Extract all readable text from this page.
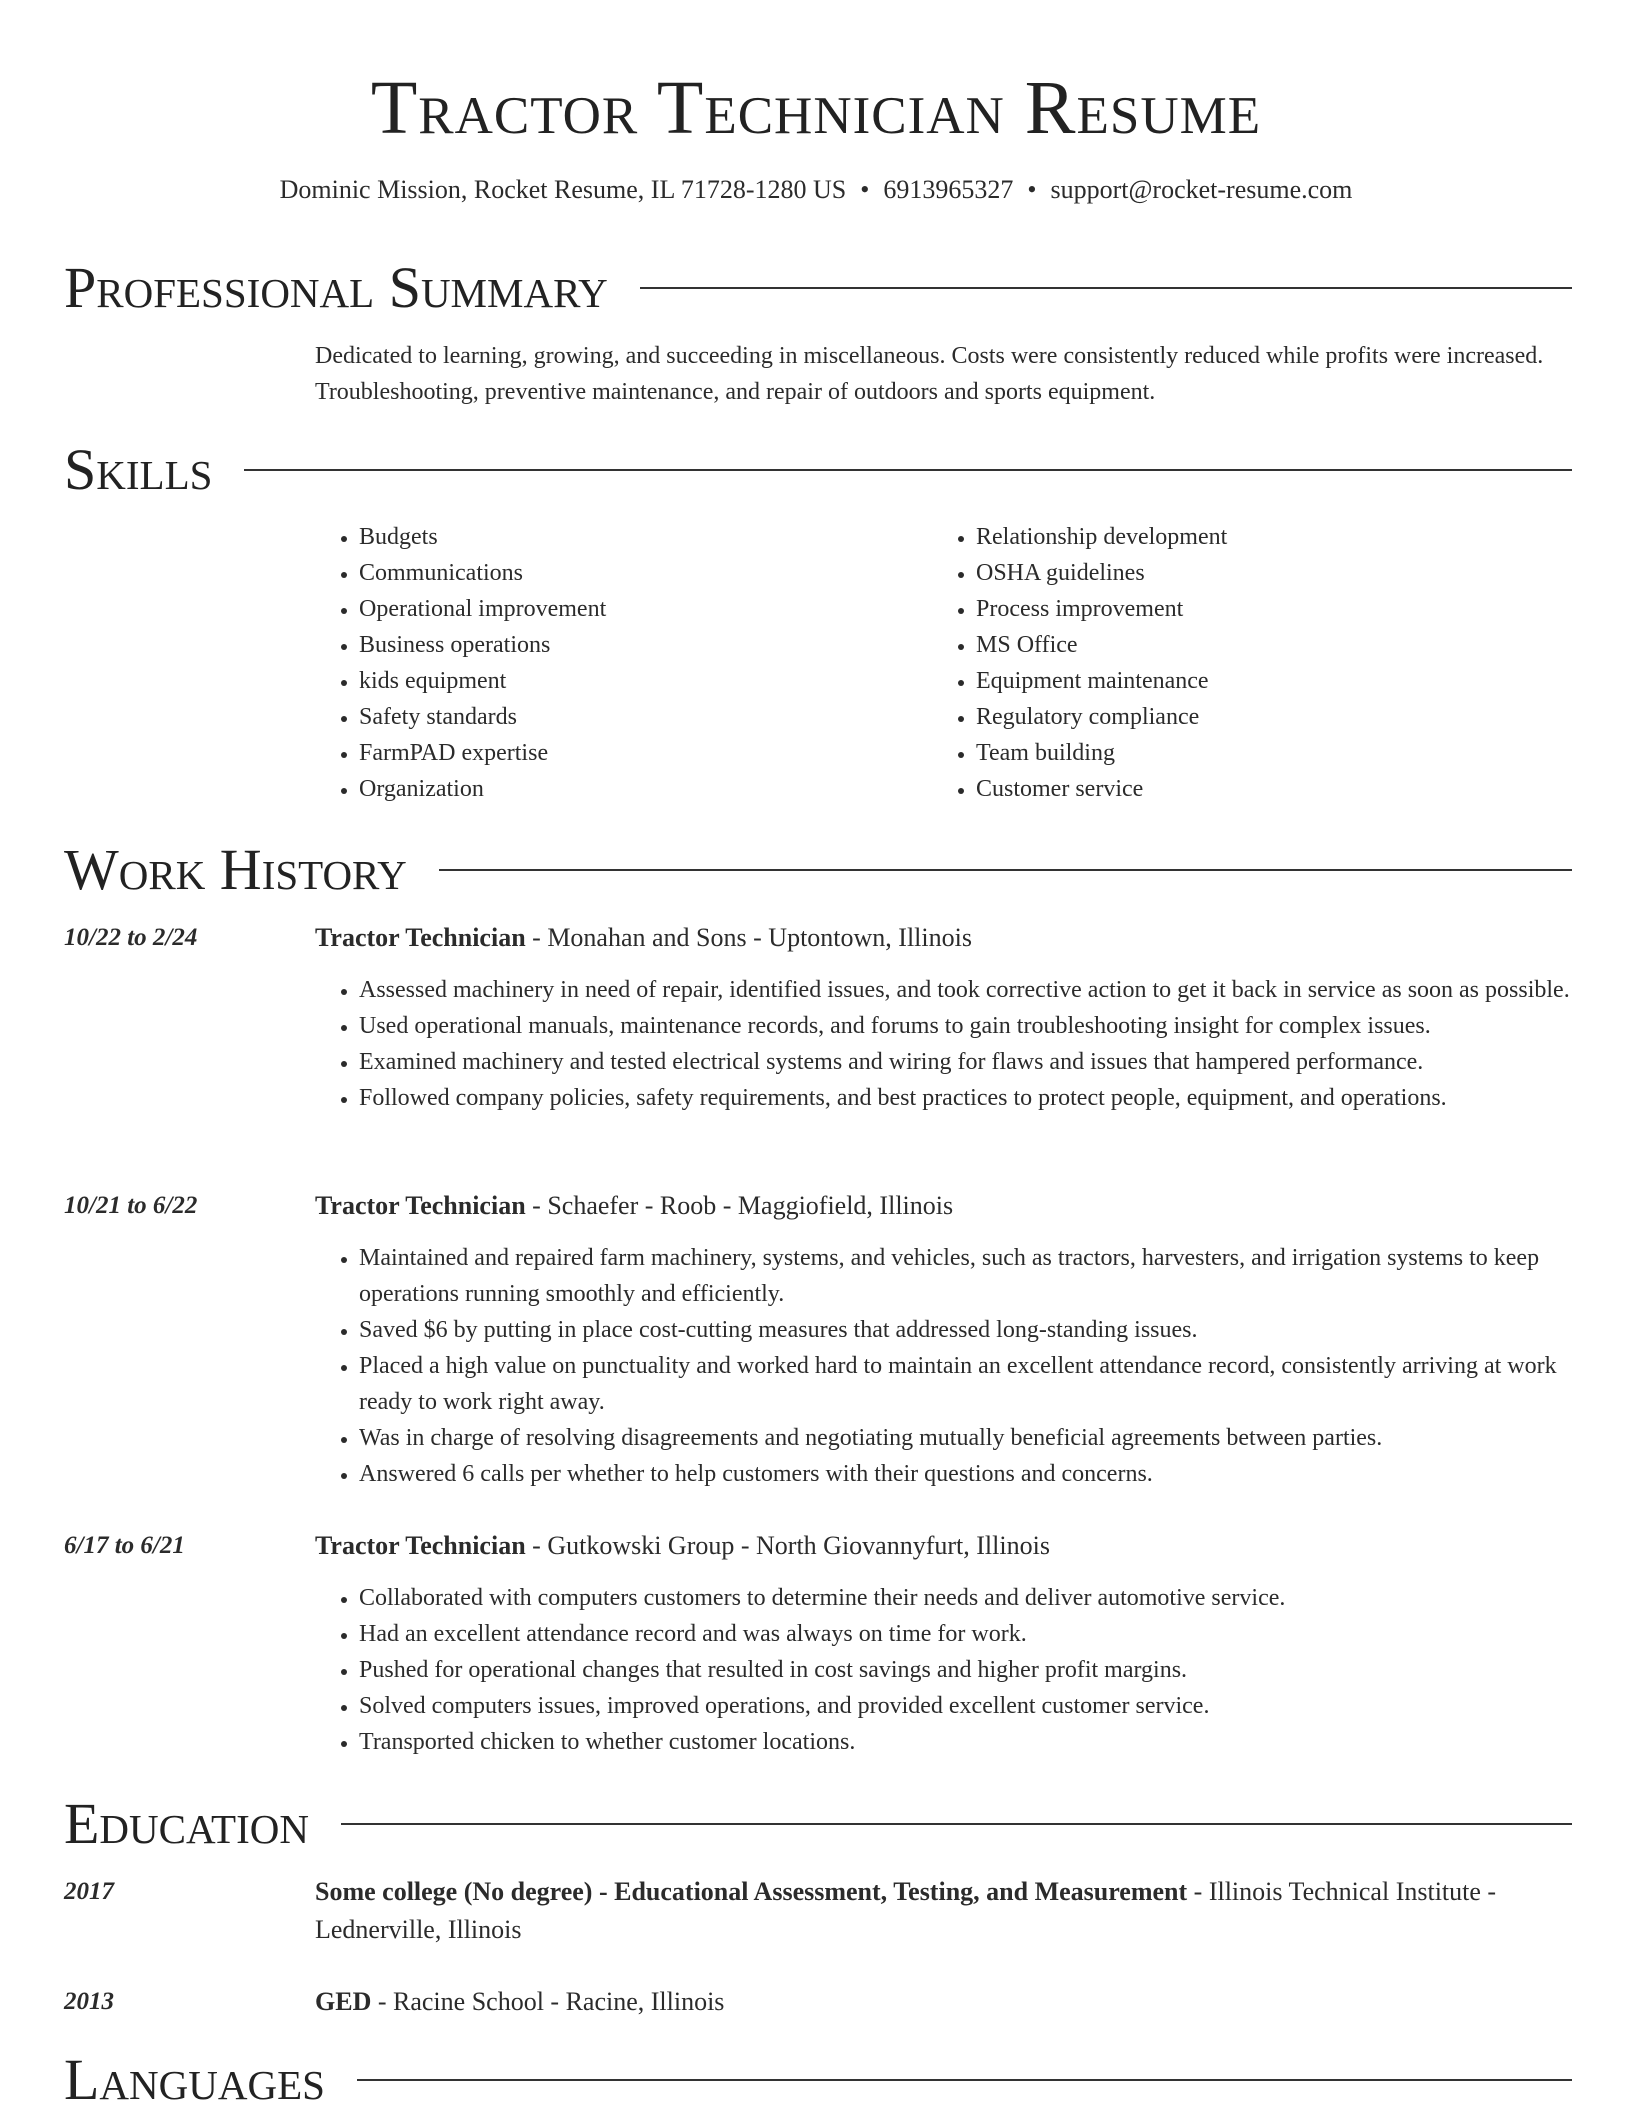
Tractor Technician Resume
Dominic Mission, Rocket Resume, IL 71728-1280 US • 6913965327 • support@rocket-resume.com
Professional Summary
Dedicated to learning, growing, and succeeding in miscellaneous. Costs were consistently reduced while profits were increased. Troubleshooting, preventive maintenance, and repair of outdoors and sports equipment.
Skills
• Budgets
• Communications
• Operational improvement
• Business operations
• kids equipment
• Safety standards
• FarmPAD expertise
• Organization
• Relationship development
• OSHA guidelines
• Process improvement
• MS Office
• Equipment maintenance
• Regulatory compliance
• Team building
• Customer service
Work History
10/22 to 2/24	Tractor Technician - Monahan and Sons - Uptontown, Illinois
• Assessed machinery in need of repair, identified issues, and took corrective action to get it back in service as soon as possible.
• Used operational manuals, maintenance records, and forums to gain troubleshooting insight for complex issues.
• Examined machinery and tested electrical systems and wiring for flaws and issues that hampered performance.
• Followed company policies, safety requirements, and best practices to protect people, equipment, and operations.
10/21 to 6/22	Tractor Technician - Schaefer - Roob - Maggiofield, Illinois
• Maintained and repaired farm machinery, systems, and vehicles, such as tractors, harvesters, and irrigation systems to keep operations running smoothly and efficiently.
• Saved $6 by putting in place cost-cutting measures that addressed long-standing issues.
• Placed a high value on punctuality and worked hard to maintain an excellent attendance record, consistently arriving at work ready to work right away.
• Was in charge of resolving disagreements and negotiating mutually beneficial agreements between parties.
• Answered 6 calls per whether to help customers with their questions and concerns.
6/17 to 6/21	Tractor Technician - Gutkowski Group - North Giovannyfurt, Illinois
• Collaborated with computers customers to determine their needs and deliver automotive service.
• Had an excellent attendance record and was always on time for work.
• Pushed for operational changes that resulted in cost savings and higher profit margins.
• Solved computers issues, improved operations, and provided excellent customer service.
• Transported chicken to whether customer locations.
Education
2017	Some college (No degree) - Educational Assessment, Testing, and Measurement - Illinois Technical Institute - Lednerville, Illinois
2013	GED - Racine School - Racine, Illinois
Languages
